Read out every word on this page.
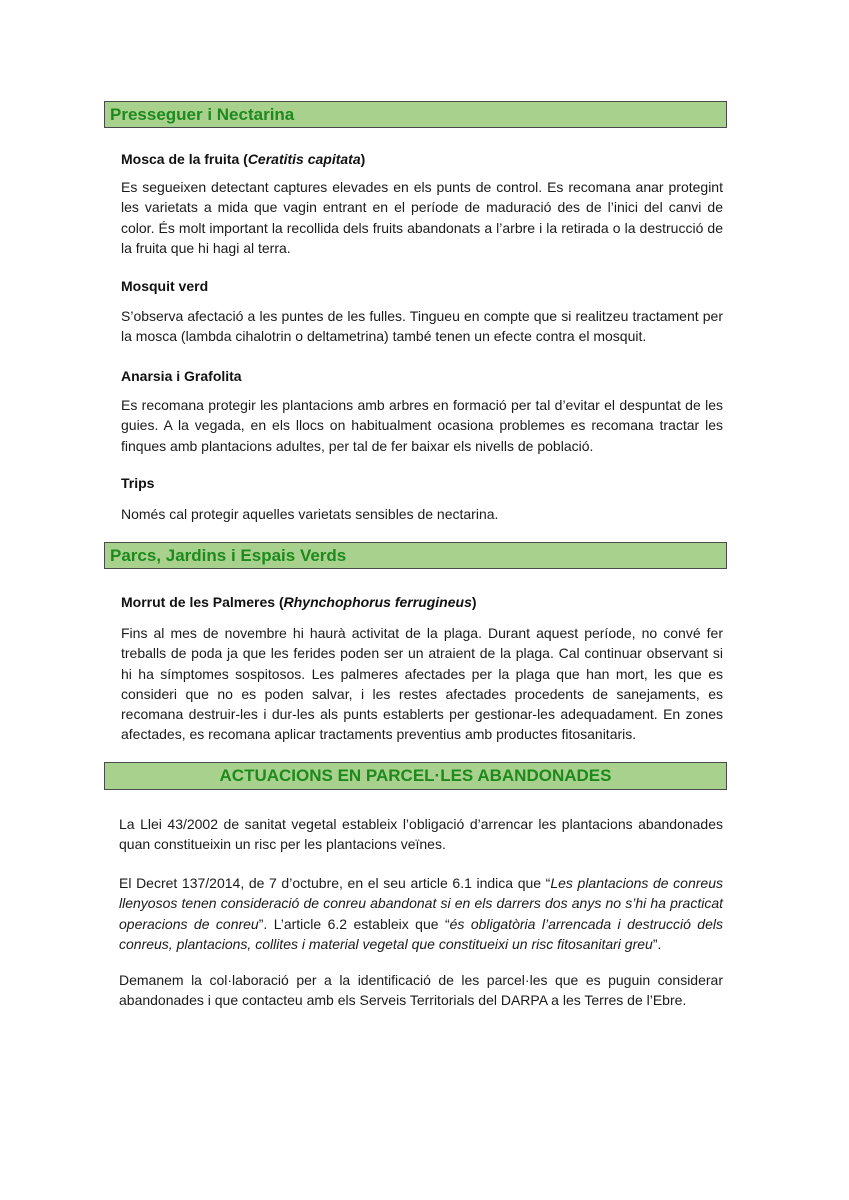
Presseguer i Nectarina
Mosca de la fruita (Ceratitis capitata)
Es segueixen detectant captures elevades en els punts de control. Es recomana anar protegint les varietats a mida que vagin entrant en el període de maduració des de l’inici del canvi de color. És molt important la recollida dels fruits abandonats a l’arbre i la retirada o la destrucció de la fruita que hi hagi al terra.
Mosquit verd
S’observa afectació a les puntes de les fulles. Tingueu en compte que si realitzeu tractament per la mosca (lambda cihalotrin o deltametrina) també tenen un efecte contra el mosquit.
Anarsia i Grafolita
Es recomana protegir les plantacions amb arbres en formació per tal d’evitar el despuntat de les guies. A la vegada, en els llocs on habitualment ocasiona problemes es recomana tractar les finques amb plantacions adultes, per tal de fer baixar els nivells de població.
Trips
Només cal protegir aquelles varietats sensibles de nectarina.
Parcs, Jardins i Espais Verds
Morrut de les Palmeres (Rhynchophorus ferrugineus)
Fins al mes de novembre hi haurà activitat de la plaga. Durant aquest període, no convé fer treballs de poda ja que les ferides poden ser un atraient de la plaga. Cal continuar observant si hi ha símptomes sospitosos. Les palmeres afectades per la plaga que han mort, les que es consideri que no es poden salvar, i les restes afectades procedents de sanejaments, es recomana destruir-les i dur-les als punts establerts per gestionar-les adequadament. En zones afectades, es recomana aplicar tractaments preventius amb productes fitosanitaris.
ACTUACIONS EN PARCEL·LES ABANDONADES
La Llei 43/2002 de sanitat vegetal estableix l’obligació d’arrencar les plantacions abandonades quan constitueixin un risc per les plantacions veïnes.
El Decret 137/2014, de 7 d’octubre, en el seu article 6.1 indica que “Les plantacions de conreus llenyosos tenen consideració de conreu abandonat si en els darrers dos anys no s’hi ha practicat operacions de conreu”. L’article 6.2 estableix que “és obligatòria l’arrencada i destrucció dels conreus, plantacions, collites i material vegetal que constitueixi un risc fitosanitari greu”.
Demanem la col·laboració per a la identificació de les parcel·les que es puguin considerar abandonades i que contacteu amb els Serveis Territorials del DARPA a les Terres de l’Ebre.
